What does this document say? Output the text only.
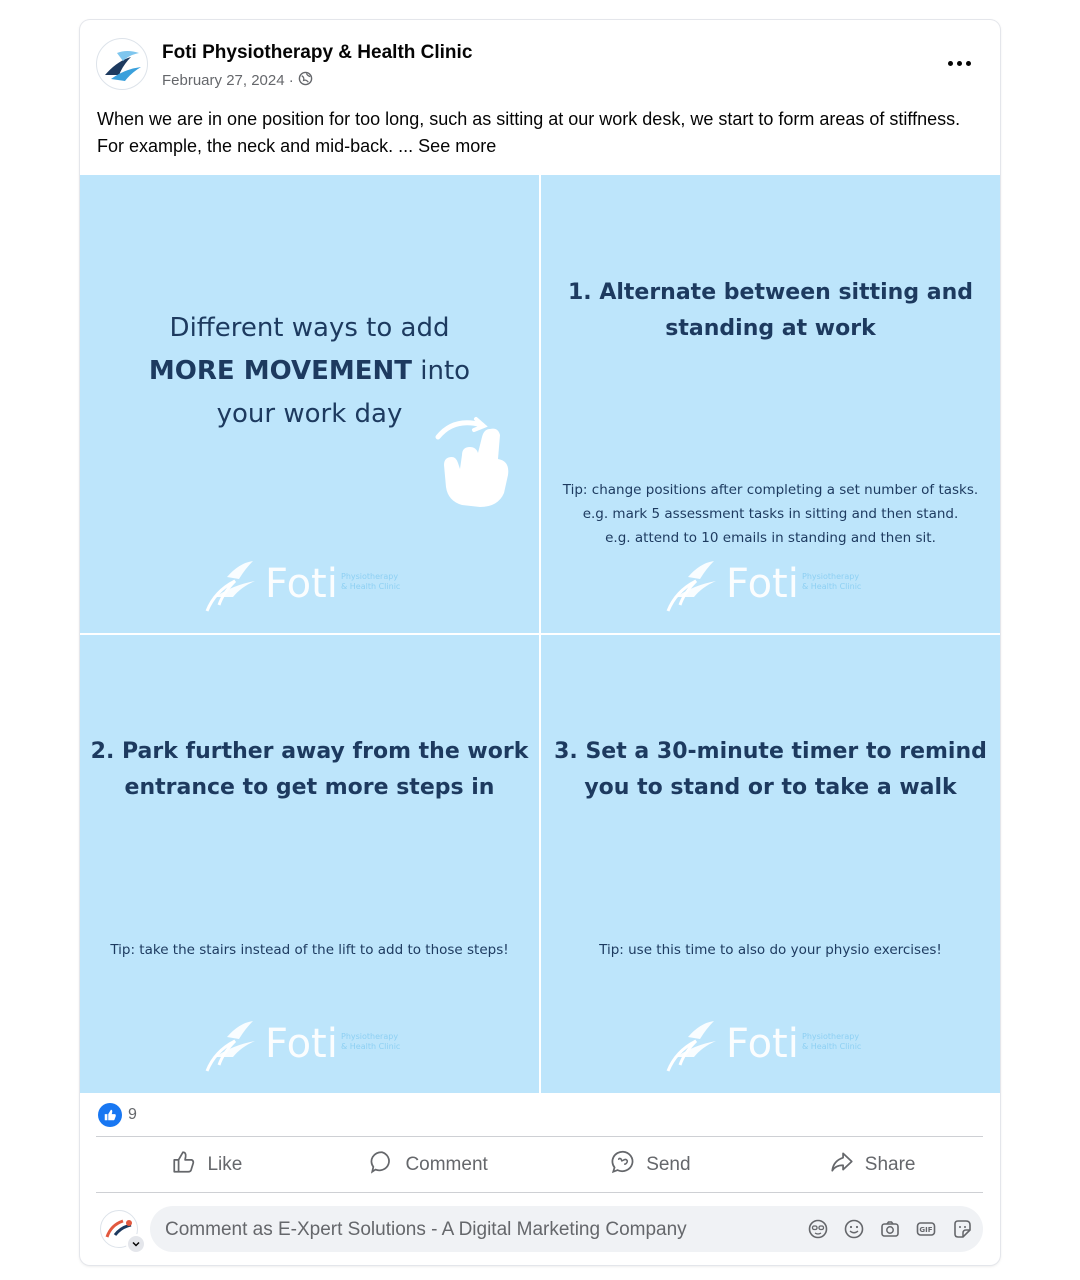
Foti Physiotherapy & Health Clinic
February 27, 2024 ·
When we are in one position for too long, such as sitting at our work desk, we start to form areas of stiffness. For example, the neck and mid-back. ... See more
Different ways to add
MORE MOVEMENT into
your work day
Foti Physiotherapy
& Health Clinic
1. Alternate between sitting and
standing at work
Tip: change positions after completing a set number of tasks.
e.g. mark 5 assessment tasks in sitting and then stand.
e.g. attend to 10 emails in standing and then sit.
Foti Physiotherapy
& Health Clinic
2. Park further away from the work
entrance to get more steps in
Tip: take the stairs instead of the lift to add to those steps!
Foti Physiotherapy
& Health Clinic
3. Set a 30-minute timer to remind
you to stand or to take a walk
Tip: use this time to also do your physio exercises!
Foti Physiotherapy
& Health Clinic
9
Like	Comment	Send	Share
Comment as E-Xpert Solutions - A Digital Marketing Company	GIF
